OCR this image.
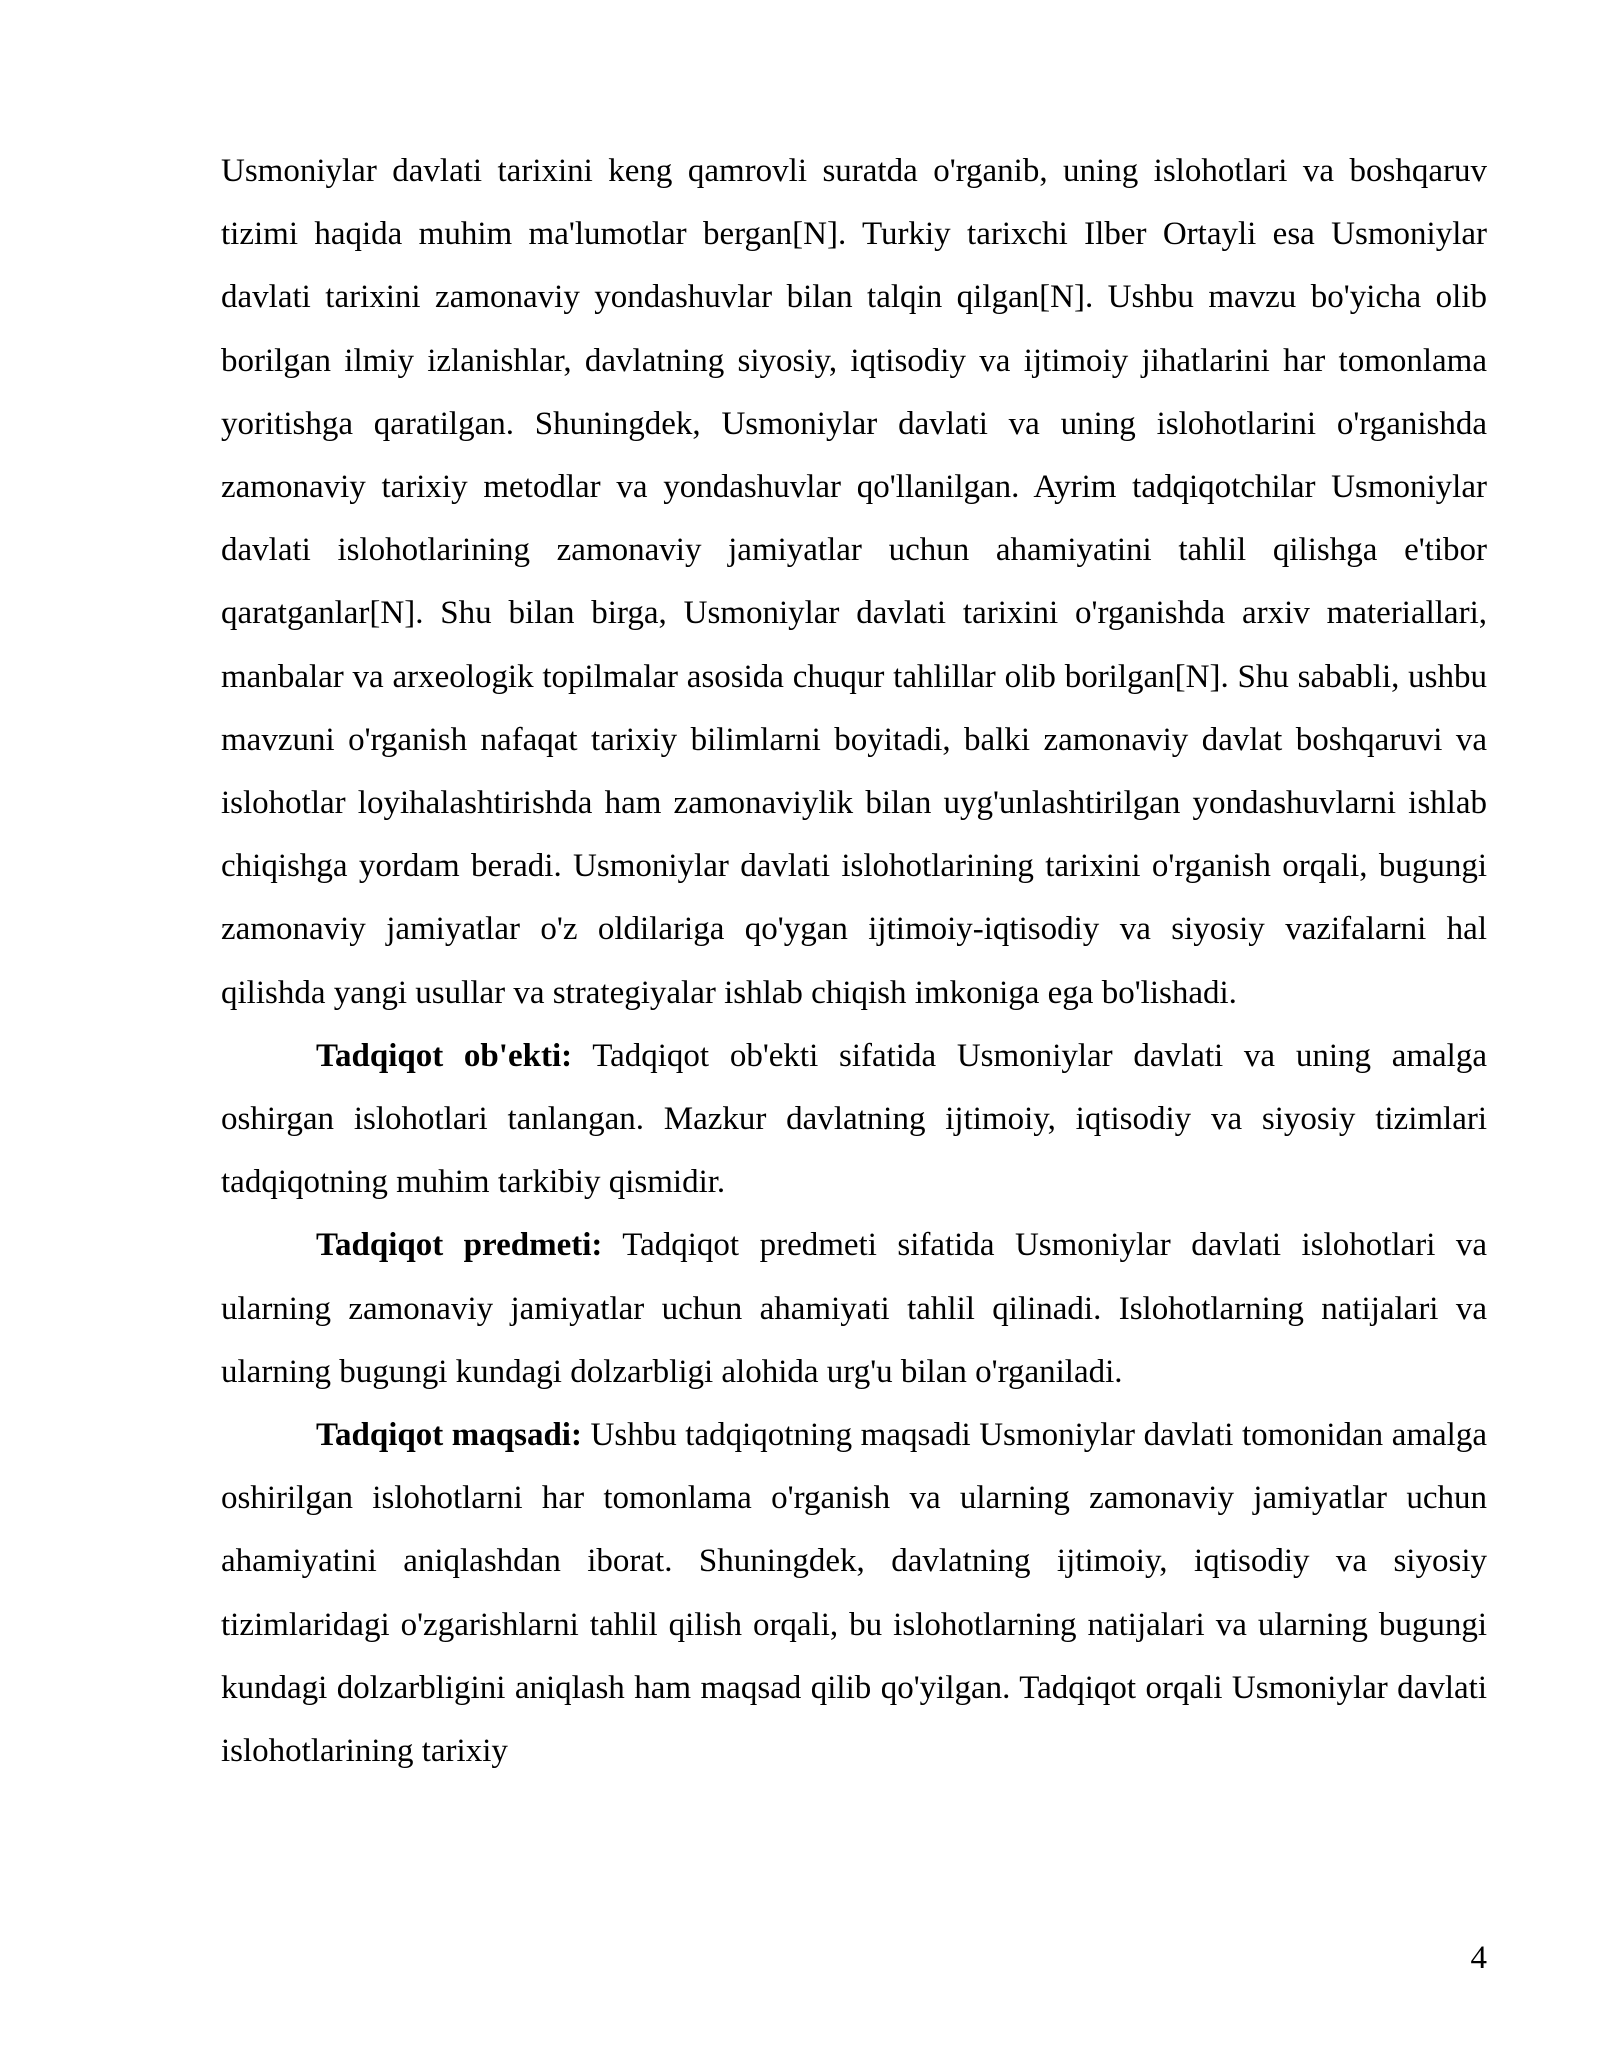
Usmoniylar davlati tarixini keng qamrovli suratda o'rganib, uning islohotlari va boshqaruv tizimi haqida muhim ma'lumotlar bergan[N]. Turkiy tarixchi Ilber Ortayli esa Usmoniylar davlati tarixini zamonaviy yondashuvlar bilan talqin qilgan[N]. Ushbu mavzu bo'yicha olib borilgan ilmiy izlanishlar, davlatning siyosiy, iqtisodiy va ijtimoiy jihatlarini har tomonlama yoritishga qaratilgan. Shuningdek, Usmoniylar davlati va uning islohotlarini o'rganishda zamonaviy tarixiy metodlar va yondashuvlar qo'llanilgan. Ayrim tadqiqotchilar Usmoniylar davlati islohotlarining zamonaviy jamiyatlar uchun ahamiyatini tahlil qilishga e'tibor qaratganlar[N]. Shu bilan birga, Usmoniylar davlati tarixini o'rganishda arxiv materiallari, manbalar va arxeologik topilmalar asosida chuqur tahlillar olib borilgan[N]. Shu sababli, ushbu mavzuni o'rganish nafaqat tarixiy bilimlarni boyitadi, balki zamonaviy davlat boshqaruvi va islohotlar loyihalashtirishda ham zamonaviylik bilan uyg'unlashtirilgan yondashuvlarni ishlab chiqishga yordam beradi. Usmoniylar davlati islohotlarining tarixini o'rganish orqali, bugungi zamonaviy jamiyatlar o'z oldilariga qo'ygan ijtimoiy-iqtisodiy va siyosiy vazifalarni hal qilishda yangi usullar va strategiyalar ishlab chiqish imkoniga ega bo'lishadi.

Tadqiqot ob'ekti: Tadqiqot ob'ekti sifatida Usmoniylar davlati va uning amalga oshirgan islohotlari tanlangan. Mazkur davlatning ijtimoiy, iqtisodiy va siyosiy tizimlari tadqiqotning muhim tarkibiy qismidir.

Tadqiqot predmeti: Tadqiqot predmeti sifatida Usmoniylar davlati islohotlari va ularning zamonaviy jamiyatlar uchun ahamiyati tahlil qilinadi. Islohotlarning natijalari va ularning bugungi kundagi dolzarbligi alohida urg'u bilan o'rganiladi.

Tadqiqot maqsadi: Ushbu tadqiqotning maqsadi Usmoniylar davlati tomonidan amalga oshirilgan islohotlarni har tomonlama o'rganish va ularning zamonaviy jamiyatlar uchun ahamiyatini aniqlashdan iborat. Shuningdek, davlatning ijtimoiy, iqtisodiy va siyosiy tizimlaridagi o'zgarishlarni tahlil qilish orqali, bu islohotlarning natijalari va ularning bugungi kundagi dolzarbligini aniqlash ham maqsad qilib qo'yilgan. Tadqiqot orqali Usmoniylar davlati islohotlarining tarixiy

4
